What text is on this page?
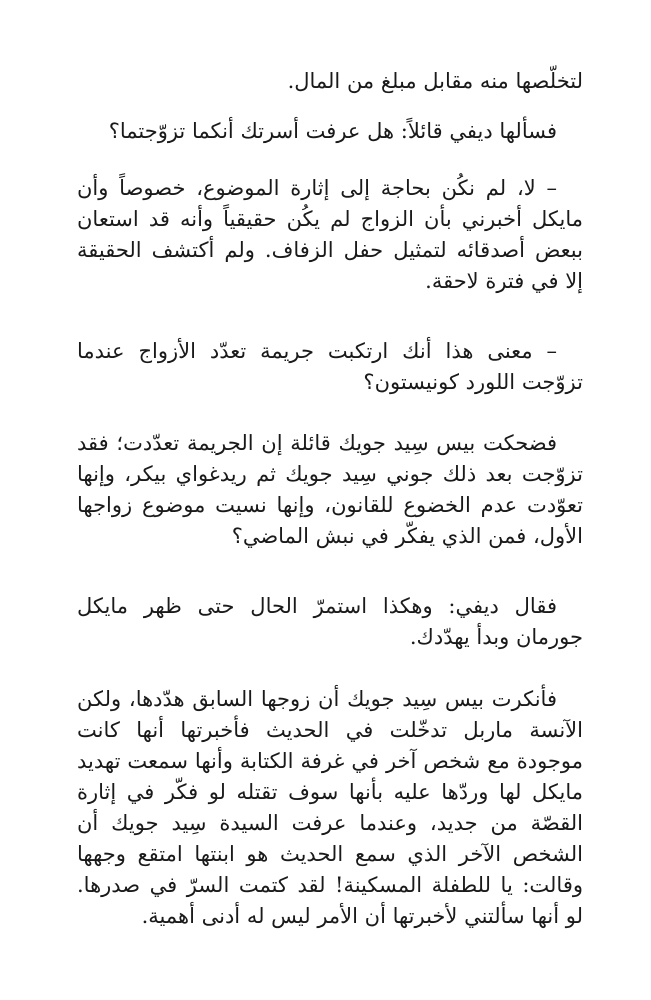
لتخلّصها منه مقابل مبلغ من المال.

فسألها ديفي قائلاً: هل عرفت أسرتك أنكما تزوّجتما؟

– لا، لم نكُن بحاجة إلى إثارة الموضوع، خصوصاً وأن مايكل أخبرني بأن الزواج لم يكُن حقيقياً وأنه قد استعان ببعض أصدقائه لتمثيل حفل الزفاف. ولم أكتشف الحقيقة إلا في فترة لاحقة.

– معنى هذا أنك ارتكبت جريمة تعدّد الأزواج عندما تزوّجت اللورد كونيستون؟

فضحكت بيس سِيد جويك قائلة إن الجريمة تعدّدت؛ فقد تزوّجت بعد ذلك جوني سِيد جويك ثم ريدغواي بيكر، وإنها تعوّدت عدم الخضوع للقانون، وإنها نسيت موضوع زواجها الأول، فمن الذي يفكّر في نبش الماضي؟

فقال ديفي: وهكذا استمرّ الحال حتى ظهر مايكل جورمان وبدأ يهدّدك.

فأنكرت بيس سِيد جويك أن زوجها السابق هدّدها، ولكن الآنسة ماربل تدخّلت في الحديث فأخبرتها أنها كانت موجودة مع شخص آخر في غرفة الكتابة وأنها سمعت تهديد مايكل لها وردّها عليه بأنها سوف تقتله لو فكّر في إثارة القصّة من جديد، وعندما عرفت السيدة سِيد جويك أن الشخص الآخر الذي سمع الحديث هو ابنتها امتقع وجهها وقالت: يا للطفلة المسكينة! لقد كتمت السرّ في صدرها. لو أنها سألتني لأخبرتها أن الأمر ليس له أدنى أهمية.
